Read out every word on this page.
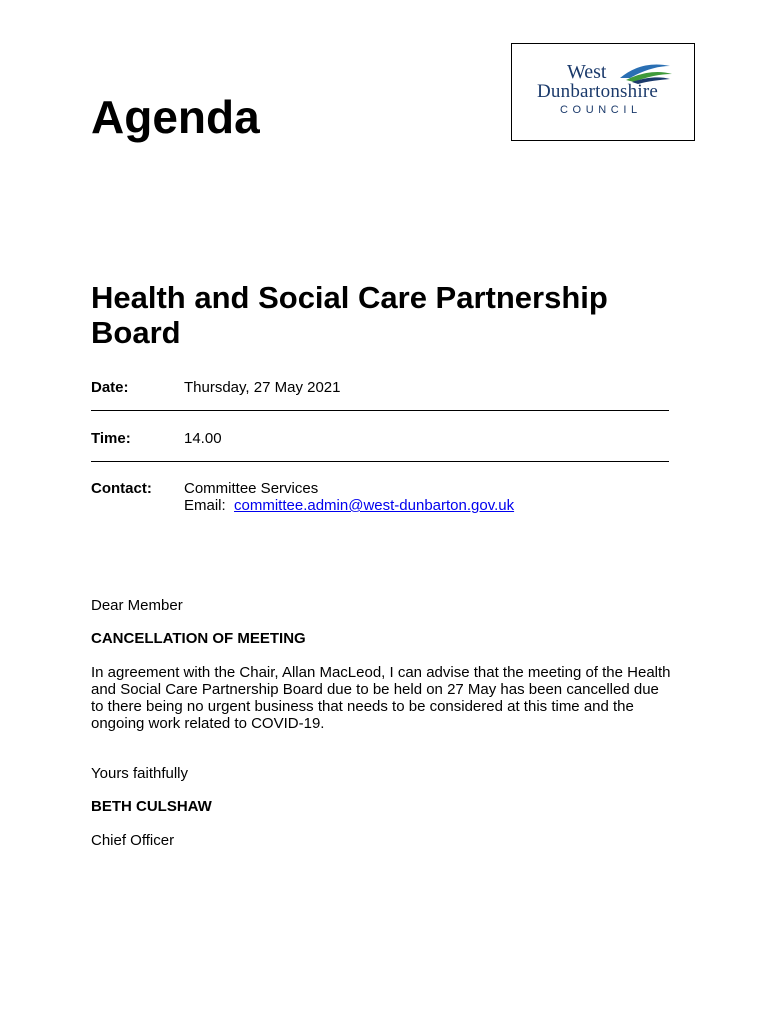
West
Dunbartonshire
COUNCIL
Agenda
Health and Social Care Partnership Board
Date:	Thursday, 27 May 2021
Time:	14.00
Contact: Committee Services
Email:  committee.admin@west-dunbarton.gov.uk

Dear Member

CANCELLATION OF MEETING

In agreement with the Chair, Allan MacLeod, I can advise that the meeting of the Health and Social Care Partnership Board due to be held on 27 May has been cancelled due to there being no urgent business that needs to be considered at this time and the ongoing work related to COVID-19.

Yours faithfully

BETH CULSHAW

Chief Officer
